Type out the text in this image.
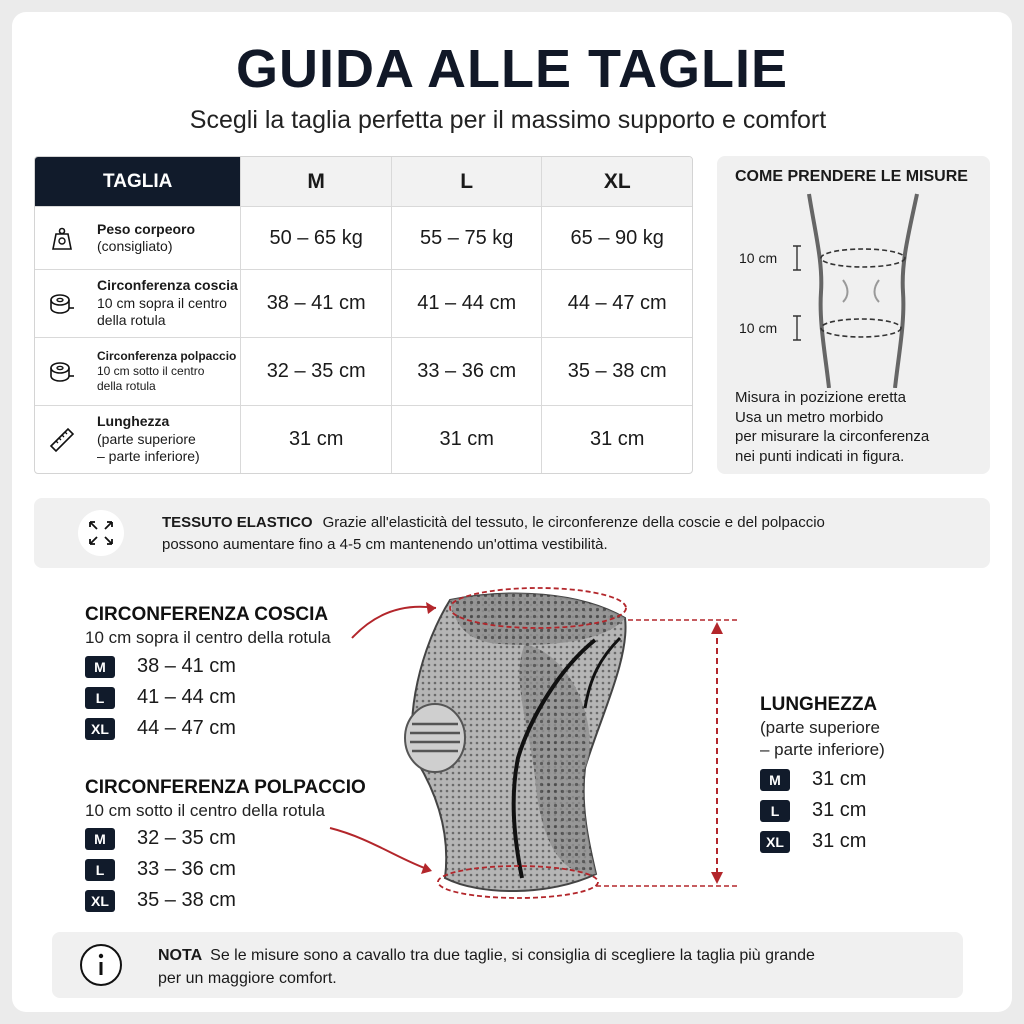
GUIDA ALLE TAGLIE
Scegli la taglia perfetta per il massimo supporto e comfort
TAGLIA	M	L	XL
Peso corpeoro
(consigliato)	50 – 65 kg	55 – 75 kg	65 – 90 kg
Circonferenza coscia
10 cm sopra il centro
della rotula
38 – 41 cm	41 – 44 cm	44 – 47 cm
Circonferenza polpaccio
10 cm sotto il centro
della rotula
32 – 35 cm	33 – 36 cm	35 – 38 cm
Lunghezza
(parte superiore
– parte inferiore)
31 cm	31 cm	31 cm
COME PRENDERE LE MISURE
10 cm
10 cm
Misura in pozizione eretta
Usa un metro morbido
per misurare la circonferenza
nei punti indicati in figura.
TESSUTO ELASTICO Grazie all'elasticità del tessuto, le circonferenze della coscie e del polpaccio
possono aumentare fino a 4-5 cm mantenendo un'ottima vestibilità.
CIRCONFERENZA COSCIA
10 cm sopra il centro della rotula
M	38 – 41 cm
L	41 – 44 cm
XL	44 – 47 cm
CIRCONFERENZA POLPACCIO
10 cm sotto il centro della rotula
M	32 – 35 cm
L	33 – 36 cm
XL	35 – 38 cm
LUNGHEZZA
(parte superiore
– parte inferiore)
M	31 cm
L	31 cm
XL	31 cm
NOTA Se le misure sono a cavallo tra due taglie, si consiglia di scegliere la taglia più grande
per un maggiore comfort.
